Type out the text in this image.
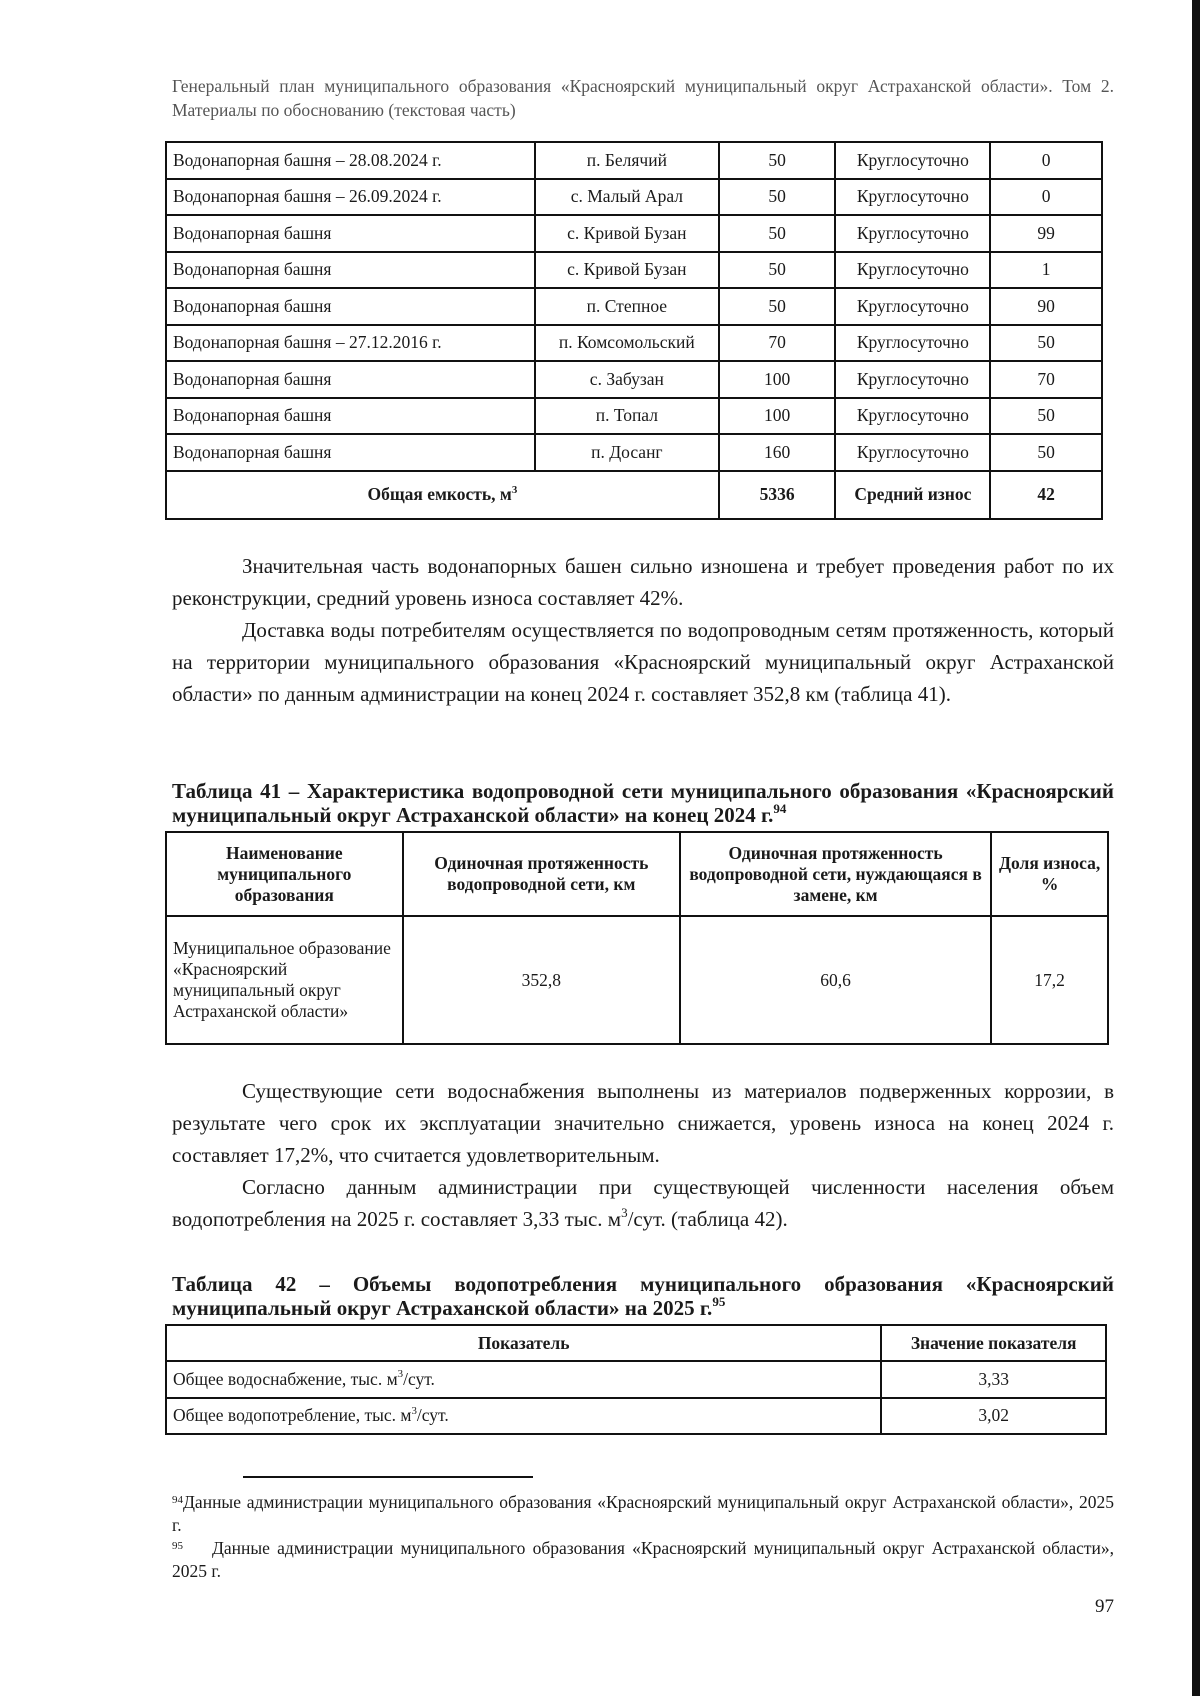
Генеральный план муниципального образования «Красноярский муниципальный округ Астраханской области». Том 2. Материалы по обоснованию (текстовая часть)
Водонапорная башня – 28.08.2024 г.	п. Белячий	50	Круглосуточно	0
Водонапорная башня – 26.09.2024 г.	с. Малый Арал	50	Круглосуточно	0
Водонапорная башня	с. Кривой Бузан	50	Круглосуточно	99
Водонапорная башня	с. Кривой Бузан	50	Круглосуточно	1
Водонапорная башня	п. Степное	50	Круглосуточно	90
Водонапорная башня – 27.12.2016 г.	п. Комсомольский	70	Круглосуточно	50
Водонапорная башня	с. Забузан	100	Круглосуточно	70
Водонапорная башня	п. Топал	100	Круглосуточно	50
Водонапорная башня	п. Досанг	160	Круглосуточно	50
Общая емкость, $м^3$		5336	Средний износ	42

Значительная часть водонапорных башен сильно изношена и требует проведения работ по их реконструкции, средний уровень износа составляет 42%.

Доставка воды потребителям осуществляется по водопроводным сетям протяженность, который на территории муниципального образования «Красноярский муниципальный округ Астраханской области» по данным администрации на конец 2024 г. составляет 352,8 км (таблица 41).

Таблица 41 – Характеристика водопроводной сети муниципального образования «Красноярский муниципальный округ Астраханской области» на конец 2024 г.$^{94}$
Наименование муниципального образования	Одиночная протяженность водопроводной сети, км	Одиночная протяженность водопроводной сети, нуждающаяся в замене, км	Доля износа, %
Муниципальное образование «Красноярский муниципальный округ Астраханской области»	352,8	60,6	17,2

Существующие сети водоснабжения выполнены из материалов подверженных коррозии, в результате чего срок их эксплуатации значительно снижается, уровень износа на конец 2024 г. составляет 17,2%, что считается удовлетворительным.

Согласно данным администрации при существующей численности населения объем водопотребления на 2025 г. составляет 3,33 тыс. $м^3$/сут. (таблица 42).

Таблица 42 – Объемы водопотребления муниципального образования «Красноярский муниципальный округ Астраханской области» на 2025 г.$^{95}$
Показатель	Значение показателя
Общее водоснабжение, тыс. $м^3$/сут.	3,33
Общее водопотребление, тыс. $м^3$/сут.	3,02
$^{94}$Данные администрации муниципального образования «Красноярский муниципальный округ Астраханской области», 2025 г.
$^{95}$ Данные администрации муниципального образования «Красноярский муниципальный округ Астраханской области», 2025 г.
97
